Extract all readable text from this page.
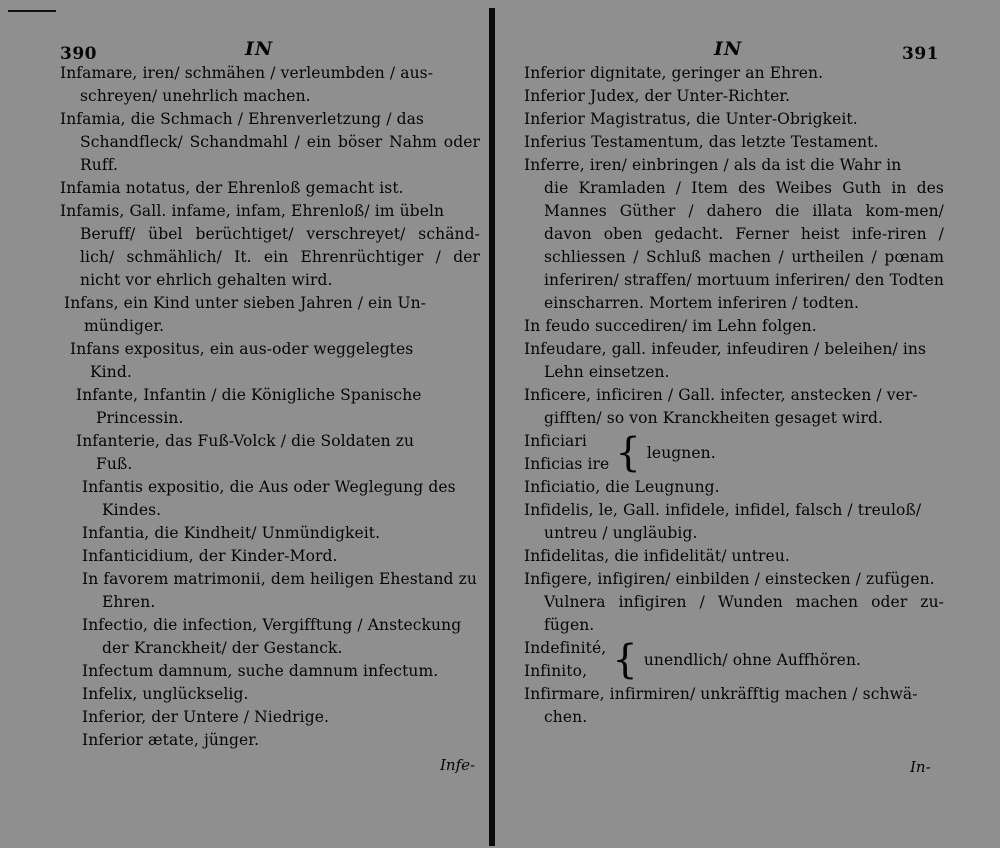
390	IN
Infamare, iren/ schmähen / verleumbden / aus-
schreyen/ unehrlich machen.
Infamia, die Schmach / Ehrenverletzung / das
Schandfleck/ Schandmahl / ein böser Nahm oder Ruff.
Infamia notatus, der Ehrenloß gemacht ist.
Infamis, Gall. infame, infam, Ehrenloß/ im übeln
Beruff/ übel berüchtiget/ verschreyet/ schänd-lich/ schmählich/ It. ein Ehrenrüchtiger / der nicht vor ehrlich gehalten wird.
Infans, ein Kind unter sieben Jahren / ein Un-
mündiger.
Infans expositus, ein aus-oder weggelegtes
Kind.
Infante, Infantin / die Königliche Spanische
Princessin.
Infanterie, das Fuß-Volck / die Soldaten zu
Fuß.
Infantis expositio, die Aus oder Weglegung des
Kindes.
Infantia, die Kindheit/ Unmündigkeit.
Infanticidium, der Kinder-Mord.
In favorem matrimonii, dem heiligen Ehestand zu
Ehren.
Infectio, die infection, Vergifftung / Ansteckung
der Kranckheit/ der Gestanck.
Infectum damnum, suche damnum infectum.
Infelix, unglückselig.
Inferior, der Untere / Niedrige.
Inferior ætate, jünger.
Infe-
IN	391
Inferior dignitate, geringer an Ehren.
Inferior Judex, der Unter-Richter.
Inferior Magistratus, die Unter-Obrigkeit.
Inferius Testamentum, das letzte Testament.
Inferre, iren/ einbringen / als da ist die Wahr in
die Kramladen / Item des Weibes Guth in des Mannes Güther / dahero die illata kom-men/ davon oben gedacht. Ferner heist infe-riren / schliessen / Schluß machen / urtheilen / pœnam inferiren/ straffen/ mortuum inferiren/ den Todten einscharren. Mortem inferiren / todten.
In feudo succediren/ im Lehn folgen.
Infeudare, gall. infeuder, infeudiren / beleihen/ ins
Lehn einsetzen.
Inficere, inficiren / Gall. infecter, anstecken / ver-
gifften/ so von Kranckheiten gesaget wird.
Inficiari
Inficias ire { leugnen.
Inficiatio, die Leugnung.
Infidelis, le, Gall. infidele, infidel, falsch / treuloß/
untreu / ungläubig.
Infidelitas, die infidelität/ untreu.
Infigere, infigiren/ einbilden / einstecken / zufügen.
Vulnera infigiren / Wunden machen oder zu-fügen.
Indefinité,
Infinito, { unendlich/ ohne Auffhören.
Infirmare, infirmiren/ unkräfftig machen / schwä-
chen.
In-
